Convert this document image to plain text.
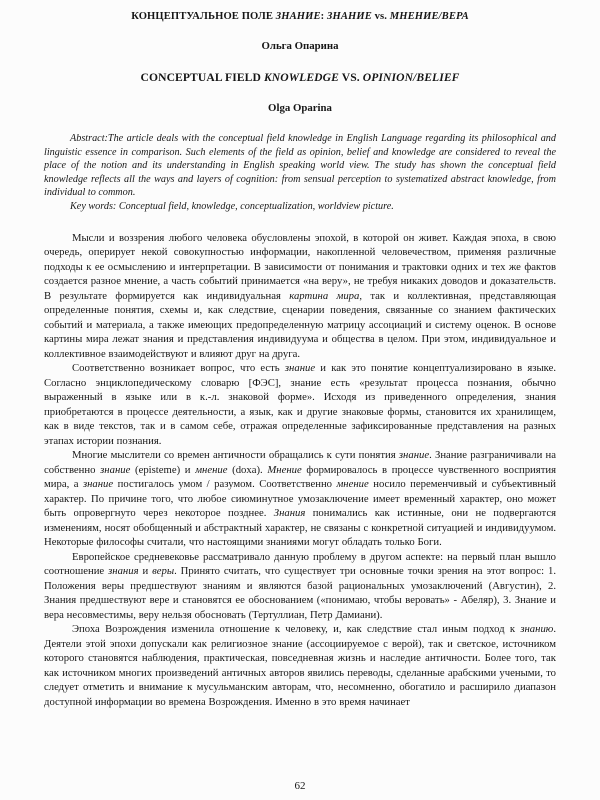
КОНЦЕПТУАЛЬНОЕ ПОЛЕ ЗНАНИЕ: ЗНАНИЕ vs. МНЕНИЕ/ВЕРА
Ольга Опарина
CONCEPTUAL FIELD KNOWLEDGE VS. OPINION/BELIEF
Olga Oparina

Abstract:The article deals with the conceptual field knowledge in English Language regarding its philosophical and linguistic essence in comparison. Such elements of the field as opinion, belief and knowledge are considered to reveal the place of the notion and its understanding in English speaking world view. The study has shown the conceptual field knowledge reflects all the ways and layers of cognition: from sensual perception to systematized abstract knowledge, from individual to common.

Key words: Conceptual field, knowledge, conceptualization, worldview picture.

Мысли и воззрения любого человека обусловлены эпохой, в которой он живет. Каждая эпоха, в свою очередь, оперирует некой совокупностью информации, накопленной человечеством, применяя различные подходы к ее осмыслению и интерпретации. В зависимости от понимания и трактовки одних и тех же фактов создается разное мнение, а часть событий принимается «на веру», не требуя никаких доводов и доказательств. В результате формируется как индивидуальная картина мира, так и коллективная, представляющая определенные понятия, схемы и, как следствие, сценарии поведения, связанные со знанием фактических событий и материала, а также имеющих предопределенную матрицу ассоциаций и систему оценок. В основе картины мира лежат знания и представления индивидуума и общества в целом. При этом, индивидуальное и коллективное взаимодействуют и влияют друг на друга.

Соответственно возникает вопрос, что есть знание и как это понятие концептуализировано в языке. Согласно энциклопедическому словарю [ФЭС], знание есть «результат процесса познания, обычно выраженный в языке или в к.-л. знаковой форме». Исходя из приведенного определения, знания приобретаются в процессе деятельности, а язык, как и другие знаковые формы, становится их хранилищем, как в виде текстов, так и в самом себе, отражая определенные зафиксированные представления на разных этапах истории познания.

Многие мыслители со времен античности обращались к сути понятия знание. Знание разграничивали на собственно знание (episteme) и мнение (doxa). Мнение формировалось в процессе чувственного восприятия мира, а знание постигалось умом / разумом. Соответственно мнение носило переменчивый и субъективный характер. По причине того, что любое сиюминутное умозаключение имеет временный характер, оно может быть опровергнуто через некоторое позднее. Знания понимались как истинные, они не подвергаются изменениям, носят обобщенный и абстрактный характер, не связаны с конкретной ситуацией и индивидуумом. Некоторые философы считали, что настоящими знаниями могут обладать только Боги.

Европейское средневековье рассматривало данную проблему в другом аспекте: на первый план вышло соотношение знания и веры. Принято считать, что существует три основные точки зрения на этот вопрос: 1. Положения веры предшествуют знаниям и являются базой рациональных умозаключений (Августин), 2. Знания предшествуют вере и становятся ее обоснованием («понимаю, чтобы веровать» - Абеляр), 3. Знание и вера несовместимы, веру нельзя обосновать (Тертуллиан, Петр Дамиани).

Эпоха Возрождения изменила отношение к человеку, и, как следствие стал иным подход к знанию. Деятели этой эпохи допускали как религиозное знание (ассоциируемое с верой), так и светское, источником которого становятся наблюдения, практическая, повседневная жизнь и наследие античности. Более того, так как источником многих произведений античных авторов явились переводы, сделанные арабскими учеными, то следует отметить и внимание к мусульманским авторам, что, несомненно, обогатило и расширило диапазон доступной информации во времена Возрождения. Именно в это время начинает

62
